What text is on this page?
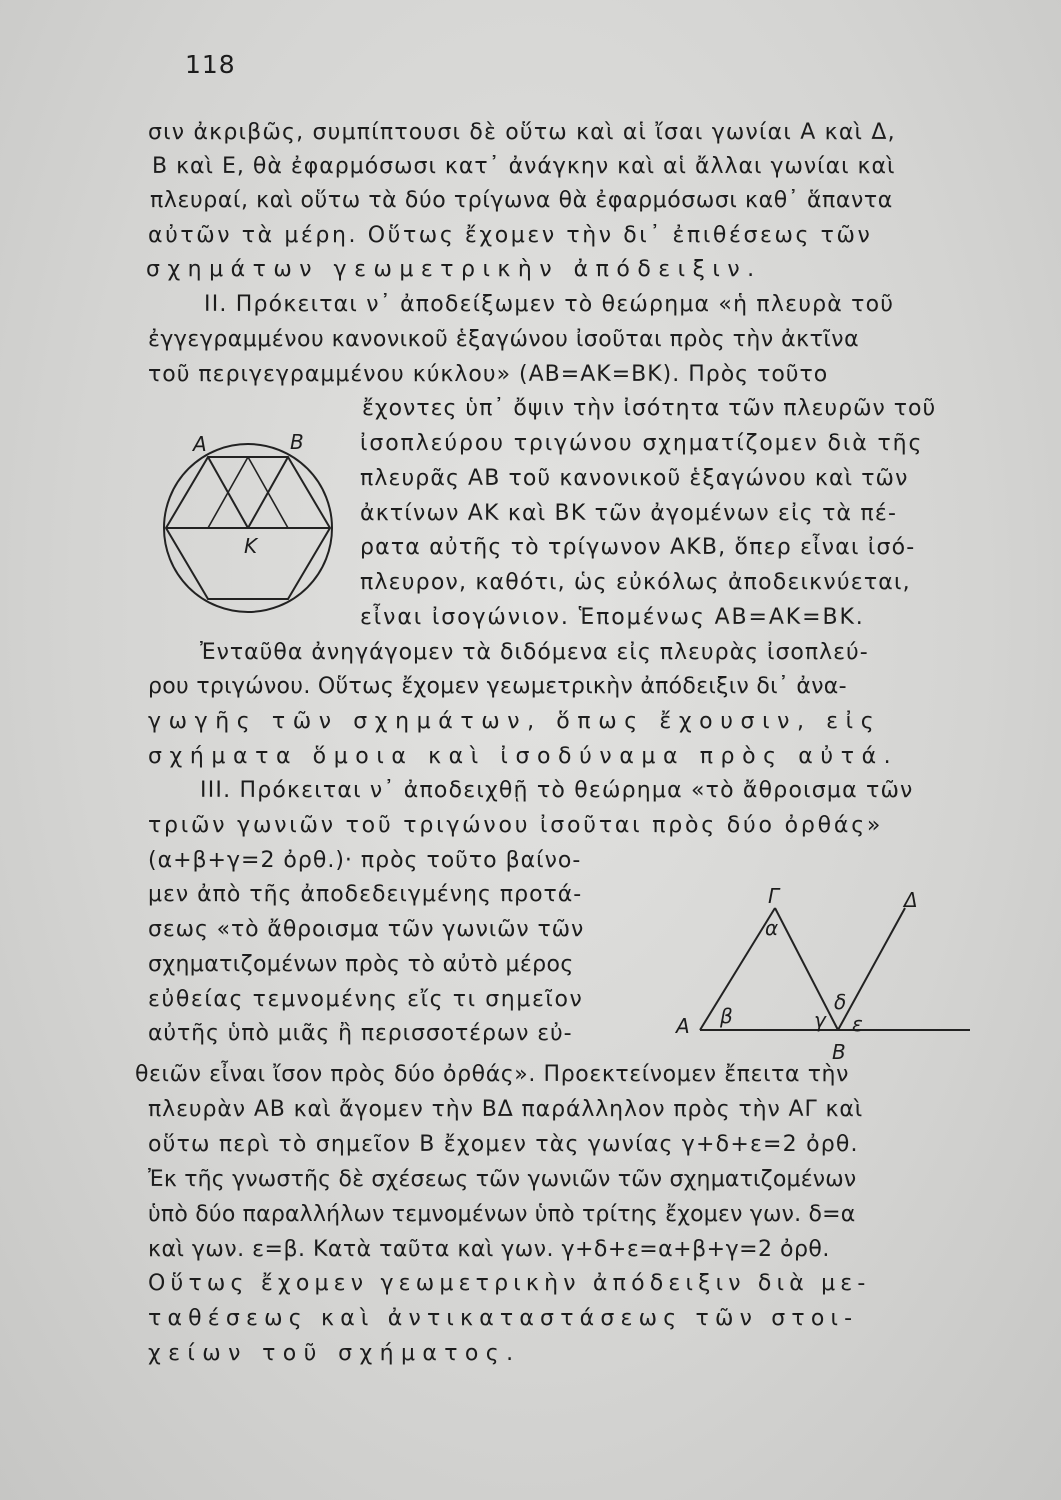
118
σιν ἀκριβῶς, συμπίπτουσι δὲ οὕτω καὶ αἱ ἴσαι γωνίαι Α καὶ Δ,
Β καὶ Ε, θὰ ἐφαρμόσωσι κατ᾽ ἀνάγκην καὶ αἱ ἄλλαι γωνίαι καὶ
πλευραί, καὶ οὕτω τὰ δύο τρίγωνα θὰ ἐφαρμόσωσι καθ᾽ ἅπαντα
αὐτῶν τὰ μέρη. Οὕτως ἔχομεν τὴν δι᾽ ἐπιθέσεως τῶν
σχημάτων γεωμετρικὴν ἀπόδειξιν.
ΙΙ. Πρόκειται ν᾽ ἀποδείξωμεν τὸ θεώρημα «ἡ πλευρὰ τοῦ
ἐγγεγραμμένου κανονικοῦ ἑξαγώνου ἰσοῦται πρὸς τὴν ἀκτῖνα
τοῦ περιγεγραμμένου κύκλου» (ΑΒ=ΑΚ=ΒΚ). Πρὸς τοῦτο
ἔχοντες ὑπ᾽ ὄψιν τὴν ἰσότητα τῶν πλευρῶν τοῦ
ἰσοπλεύρου τριγώνου σχηματίζομεν διὰ τῆς
πλευρᾶς ΑΒ τοῦ κανονικοῦ ἑξαγώνου καὶ τῶν
ἀκτίνων ΑΚ καὶ ΒΚ τῶν ἀγομένων εἰς τὰ πέ-
ρατα αὐτῆς τὸ τρίγωνον ΑΚΒ, ὅπερ εἶναι ἰσό-
πλευρον, καθότι, ὡς εὐκόλως ἀποδεικνύεται,
εἶναι ἰσογώνιον. Ἑπομένως ΑΒ=ΑΚ=ΒΚ.
Ἐνταῦθα ἀνηγάγομεν τὰ διδόμενα εἰς πλευρὰς ἰσοπλεύ-
ρου τριγώνου. Οὕτως ἔχομεν γεωμετρικὴν ἀπόδειξιν δι᾽ ἀνα-
γωγῆς τῶν σχημάτων, ὅπως ἔχουσιν, εἰς
σχήματα ὅμοια καὶ ἰσοδύναμα πρὸς αὐτά.
ΙΙΙ. Πρόκειται ν᾽ ἀποδειχθῇ τὸ θεώρημα «τὸ ἄθροισμα τῶν
τριῶν γωνιῶν τοῦ τριγώνου ἰσοῦται πρὸς δύο ὀρθάς»
(α+β+γ=2 ὀρθ.)· πρὸς τοῦτο βαίνο-
μεν ἀπὸ τῆς ἀποδεδειγμένης προτά-
σεως «τὸ ἄθροισμα τῶν γωνιῶν τῶν
σχηματιζομένων πρὸς τὸ αὐτὸ μέρος
εὐθείας τεμνομένης εἴς τι σημεῖον
αὐτῆς ὑπὸ μιᾶς ἢ περισσοτέρων εὐ-
θειῶν εἶναι ἴσον πρὸς δύο ὀρθάς». Προεκτείνομεν ἔπειτα τὴν
πλευρὰν ΑΒ καὶ ἄγομεν τὴν ΒΔ παράλληλον πρὸς τὴν ΑΓ καὶ
οὕτω περὶ τὸ σημεῖον Β ἔχομεν τὰς γωνίας γ+δ+ε=2 ὀρθ.
Ἐκ τῆς γνωστῆς δὲ σχέσεως τῶν γωνιῶν τῶν σχηματιζομένων
ὑπὸ δύο παραλλήλων τεμνομένων ὑπὸ τρίτης ἔχομεν γων. δ=α
καὶ γων. ε=β. Κατὰ ταῦτα καὶ γων. γ+δ+ε=α+β+γ=2 ὀρθ.
Οὕτως ἔχομεν γεωμετρικὴν ἀπόδειξιν διὰ με-
ταθέσεως καὶ ἀντικαταστάσεως τῶν στοι-
χείων τοῦ σχήματος.
Α	Β
Κ
Γ	Δ
Α
Β
α
β	γ
δ
ε
